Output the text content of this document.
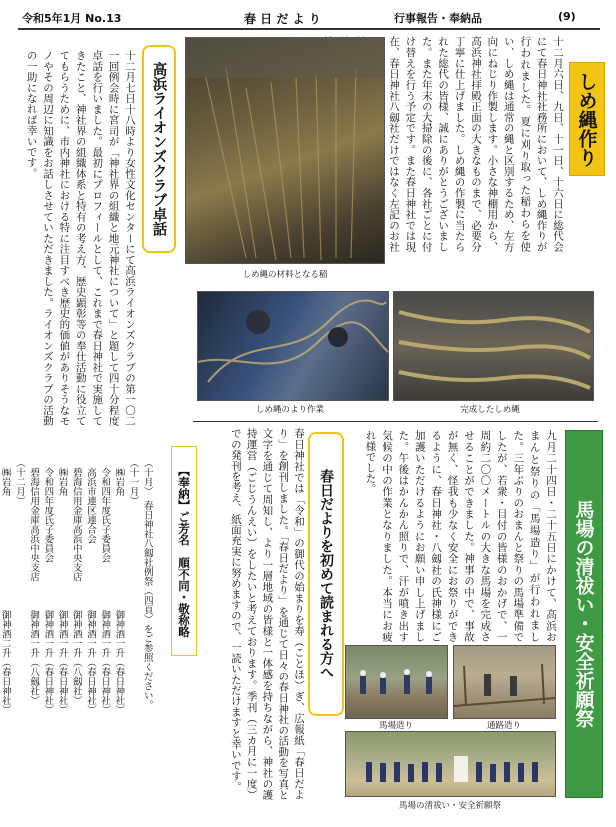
令和5年1月 No.13	春 日 だ よ り	行事報告・奉納品	(9)
しめ縄作り
十二月六日、九日、十一日、十六日に総代会にて春日神社社務所において、しめ縄作りが行われました。夏に刈り取った稲わらを使い、しめ縄は通常の縄と区別するため、左方向にねじり作製します。小さな神棚用から、高浜神社拝殿正面の大きなものまで、必要分丁寧に仕上げました。しめ縄の作製に当たられた総代の皆様、誠にありがとうございました。また年末の大掃除の後に、各社ごとに付け替えを行う予定です。また春日神社では現在、春日神社八劔社だけではなく左記のお社
しめ縄の材料となる稲
しめ縄のより作業	完成したしめ縄
高浜ライオンズクラブ卓話
十二月七日十八時より女性文化センターにて高浜ライオンズクラブの第一〇二一回例会時に宮司が「神社界の組織と地元神社について」と題して四十分程度卓話を行いました。最初にプロフィールとして、これまで春日神社で実施してきたこと、神社界の組織体系と特有の考え方、歴史顕彰等の奉仕活動に役立ててもらうために、市内神社における特に注目すべき歴史的価値がありそうなモノやその周辺に知識をお話しさせていただきました。ライオンズクラブの活動の一助になれば幸いです。
馬場の清祓い・安全祈願祭
九月二十四日・二十五日にかけて、高浜おまんと祭りの「馬場造り」が行われました。三年ぶりのおまんと祭りの馬場準備でしたが、若衆・目付の皆様のおかげで、一周約二〇〇メートルの大きな馬場を完成させることができました。神事の中で、事故が無く、怪我も少なく安全にお祭りができるように、春日神社・八劔社の氏神様にご加護いただけるようにお願い申し上げました。午後はかんかん照りで、汗が噴き出す気候の中の作業となりました。本当にお疲れ様でした。
馬場造り	通路造り
馬場の清祓い・安全祈願祭
春日だよりを初めて読まれる方へ
春日神社では「令和」の御代の始まりを寿（ことほ）ぎ、広報紙「春日だより」を創刊しました。「春日だより」を通じて日々の春日神社の活動を写真と文字を通じて周知し、より一層地域の皆様と一体感を持ちながら、神社の護持運営（ごじうんえい）をしたいと考えております。季刊（三カ月に一度）での発刊を考え、紙面充実に努めますので、一読いただけますと幸いです。
【奉納】ご芳名　順不同・敬称略

（十月）　春日神社八劔社例祭（四頁）をご参照ください。
（十一月）
　㈱岩角　　　　　　　　　　　　御神酒一升（春日神社）
　令和四年度氏子委員会　　　　　御神酒一升（春日神社）
　高浜市連区連合会　　　　　　　御神酒一升（春日神社）
　碧海信用金庫高浜中央支店　　　御神酒一升（八劔社）
　㈱岩角　　　　　　　　　　　　御神酒一升（春日神社）
　令和四年度氏子委員会　　　　　御神酒一升（春日神社）
　碧海信用金庫高浜中央支店　　　御神酒一升（八劔社）
（十二月）
　㈱岩角　　　　　　　　　　　　御神酒二升（春日神社）
